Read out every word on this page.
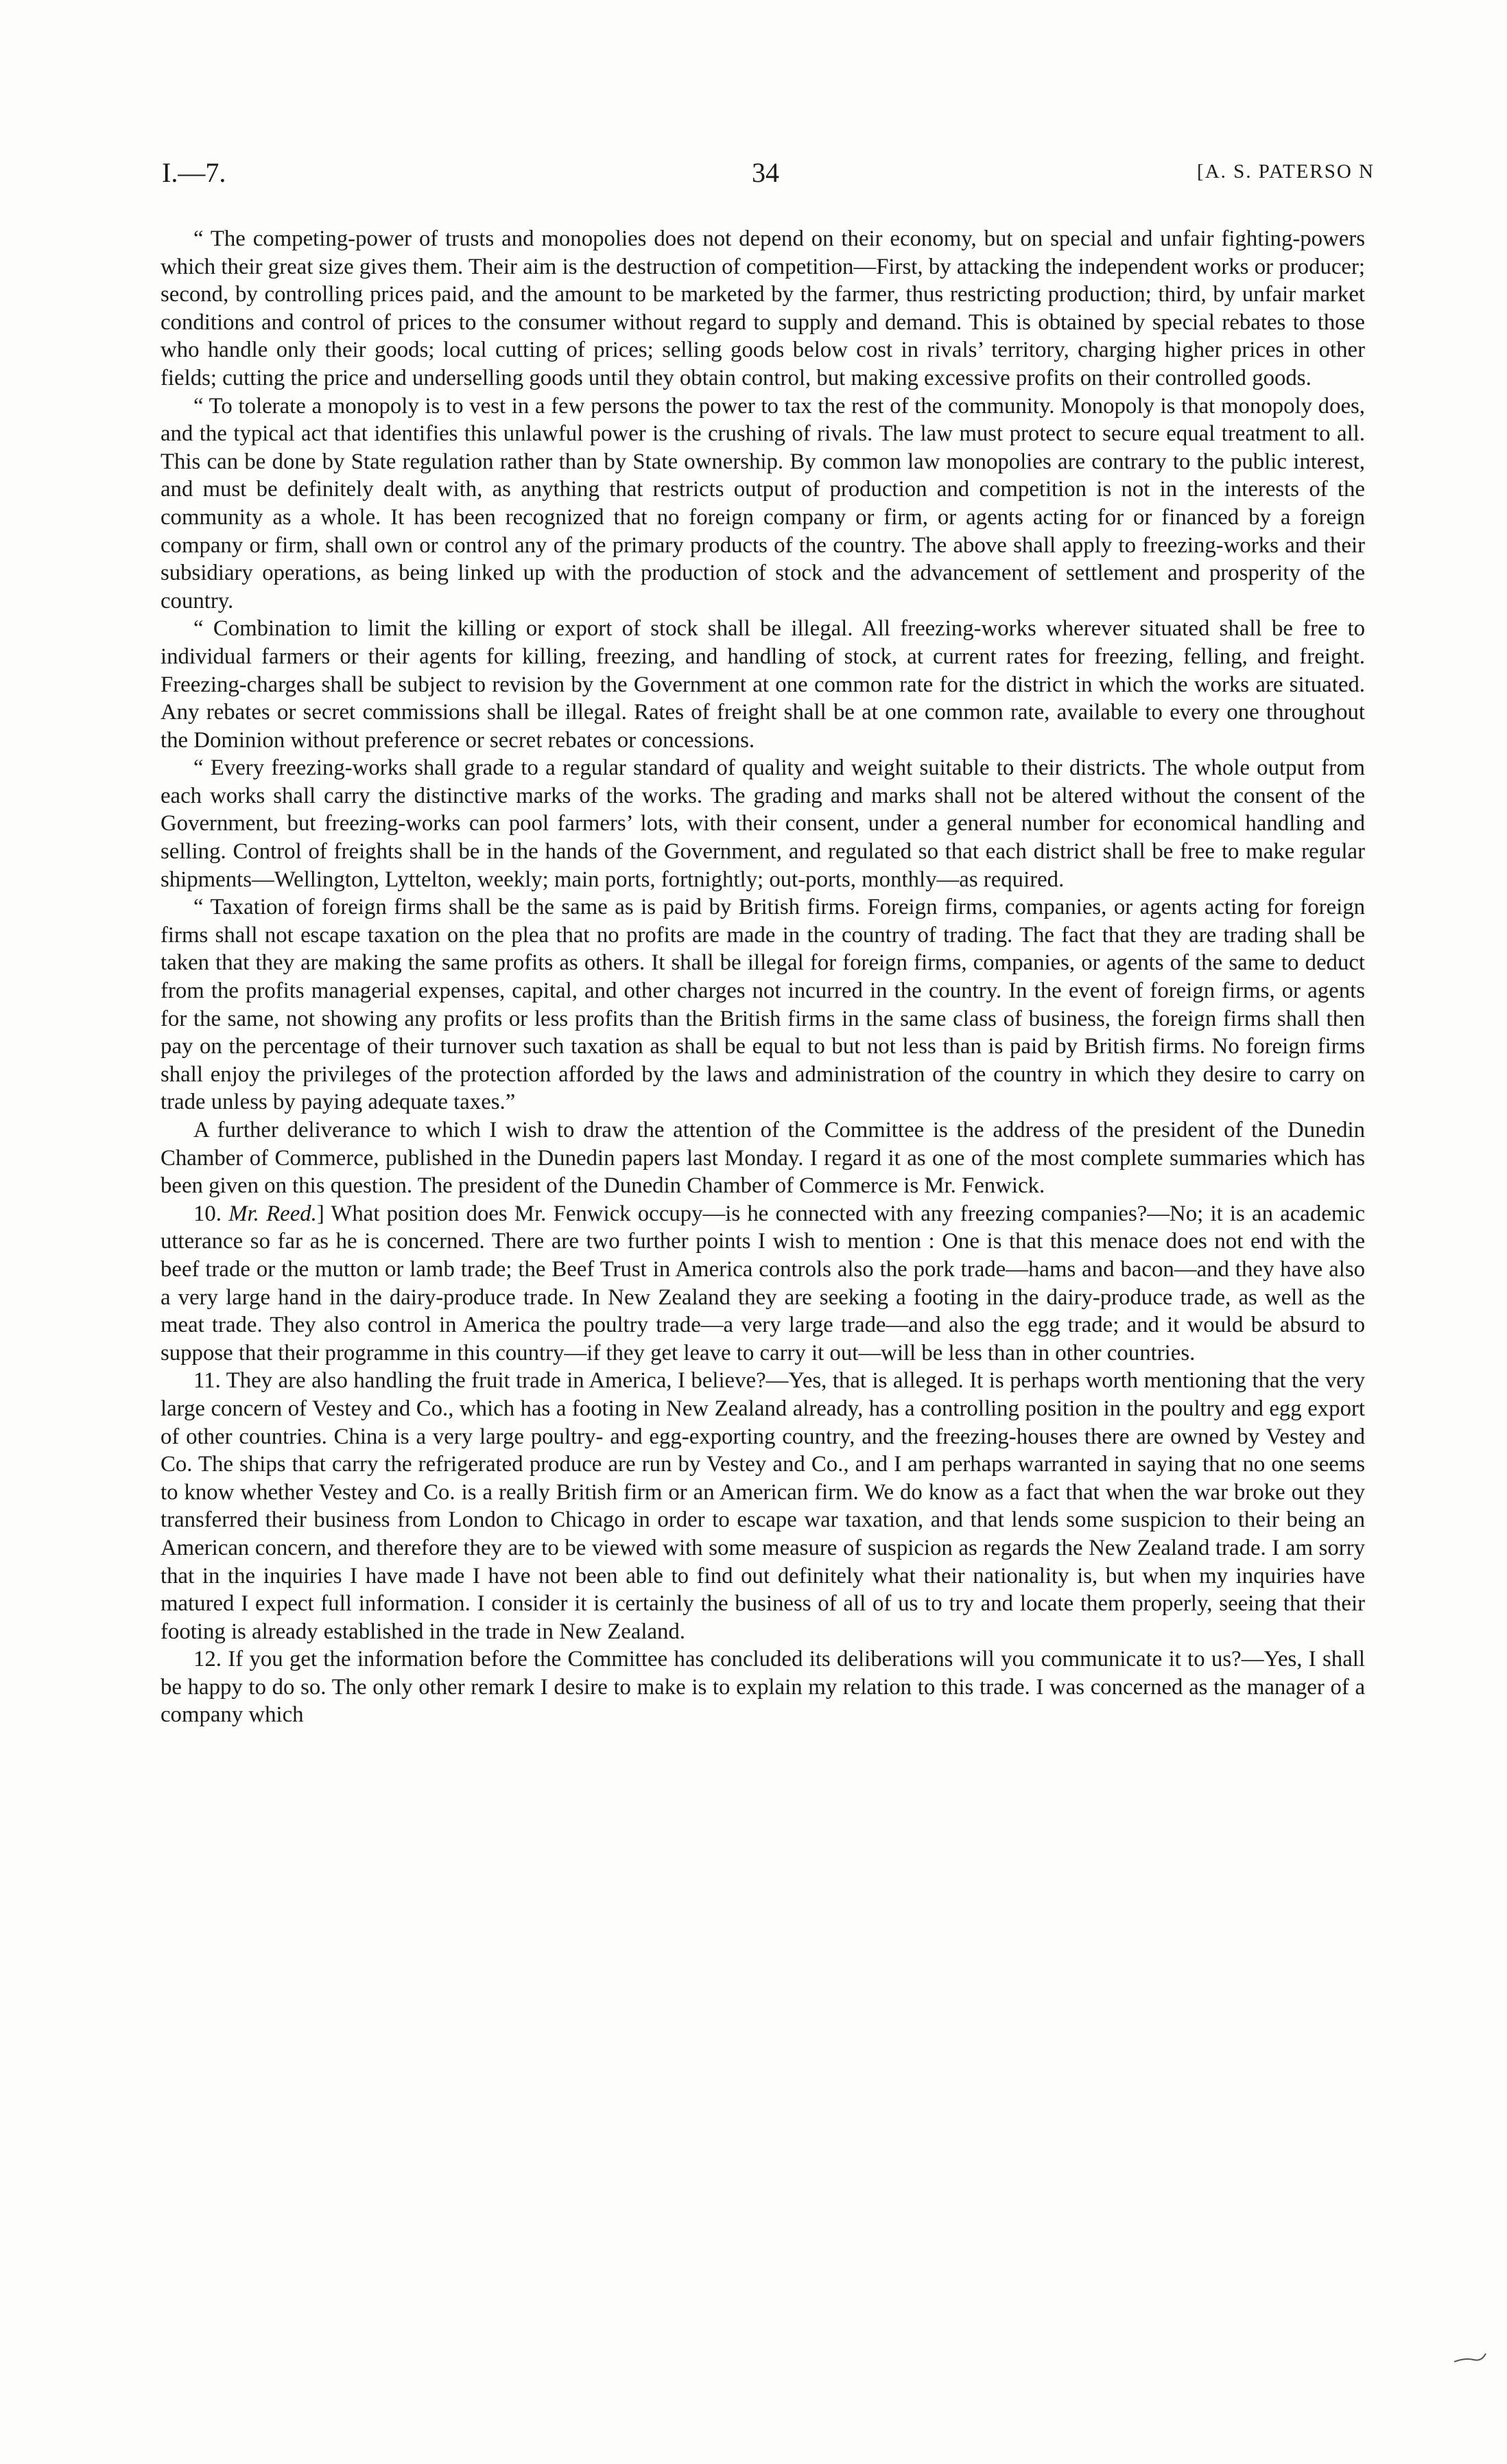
I.—7.	34	[A. S. PATERSO N

“ The competing-power of trusts and monopolies does not depend on their economy, but on special and unfair fighting-powers which their great size gives them. Their aim is the destruction of competition—First, by attacking the independent works or producer; second, by controlling prices paid, and the amount to be marketed by the farmer, thus restricting production; third, by unfair market conditions and control of prices to the consumer without regard to supply and demand. This is obtained by special rebates to those who handle only their goods; local cutting of prices; selling goods below cost in rivals’ territory, charging higher prices in other fields; cutting the price and underselling goods until they obtain control, but making excessive profits on their controlled goods.

“ To tolerate a monopoly is to vest in a few persons the power to tax the rest of the community. Monopoly is that monopoly does, and the typical act that identifies this unlawful power is the crushing of rivals. The law must protect to secure equal treatment to all. This can be done by State regulation rather than by State ownership. By common law monopolies are contrary to the public interest, and must be definitely dealt with, as anything that restricts output of production and competition is not in the interests of the community as a whole. It has been recognized that no foreign company or firm, or agents acting for or financed by a foreign company or firm, shall own or control any of the primary products of the country. The above shall apply to freezing-works and their subsidiary operations, as being linked up with the production of stock and the advancement of settlement and prosperity of the country.

“ Combination to limit the killing or export of stock shall be illegal. All freezing-works wherever situated shall be free to individual farmers or their agents for killing, freezing, and handling of stock, at current rates for freezing, felling, and freight. Freezing-charges shall be subject to revision by the Government at one common rate for the district in which the works are situated. Any rebates or secret commissions shall be illegal. Rates of freight shall be at one common rate, available to every one throughout the Dominion without preference or secret rebates or concessions.

“ Every freezing-works shall grade to a regular standard of quality and weight suitable to their districts. The whole output from each works shall carry the distinctive marks of the works. The grading and marks shall not be altered without the consent of the Government, but freezing-works can pool farmers’ lots, with their consent, under a general number for economical handling and selling. Control of freights shall be in the hands of the Government, and regulated so that each district shall be free to make regular shipments—Wellington, Lyttelton, weekly; main ports, fortnightly; out-ports, monthly—as required.

“ Taxation of foreign firms shall be the same as is paid by British firms. Foreign firms, companies, or agents acting for foreign firms shall not escape taxation on the plea that no profits are made in the country of trading. The fact that they are trading shall be taken that they are making the same profits as others. It shall be illegal for foreign firms, companies, or agents of the same to deduct from the profits managerial expenses, capital, and other charges not incurred in the country. In the event of foreign firms, or agents for the same, not showing any profits or less profits than the British firms in the same class of business, the foreign firms shall then pay on the percentage of their turnover such taxation as shall be equal to but not less than is paid by British firms. No foreign firms shall enjoy the privileges of the protection afforded by the laws and administration of the country in which they desire to carry on trade unless by paying adequate taxes.”

A further deliverance to which I wish to draw the attention of the Committee is the address of the president of the Dunedin Chamber of Commerce, published in the Dunedin papers last Monday. I regard it as one of the most complete summaries which has been given on this question. The president of the Dunedin Chamber of Commerce is Mr. Fenwick.

10. Mr. Reed.] What position does Mr. Fenwick occupy—is he connected with any freezing companies?—No; it is an academic utterance so far as he is concerned. There are two further points I wish to mention : One is that this menace does not end with the beef trade or the mutton or lamb trade; the Beef Trust in America controls also the pork trade—hams and bacon—and they have also a very large hand in the dairy-produce trade. In New Zealand they are seeking a footing in the dairy-produce trade, as well as the meat trade. They also control in America the poultry trade—a very large trade—and also the egg trade; and it would be absurd to suppose that their programme in this country—if they get leave to carry it out—will be less than in other countries.

11. They are also handling the fruit trade in America, I believe?—Yes, that is alleged. It is perhaps worth mentioning that the very large concern of Vestey and Co., which has a footing in New Zealand already, has a controlling position in the poultry and egg export of other countries. China is a very large poultry- and egg-exporting country, and the freezing-houses there are owned by Vestey and Co. The ships that carry the refrigerated produce are run by Vestey and Co., and I am perhaps warranted in saying that no one seems to know whether Vestey and Co. is a really British firm or an American firm. We do know as a fact that when the war broke out they transferred their business from London to Chicago in order to escape war taxation, and that lends some suspicion to their being an American concern, and therefore they are to be viewed with some measure of suspicion as regards the New Zealand trade. I am sorry that in the inquiries I have made I have not been able to find out definitely what their nationality is, but when my inquiries have matured I expect full information. I consider it is certainly the business of all of us to try and locate them properly, seeing that their footing is already established in the trade in New Zealand.

12. If you get the information before the Committee has concluded its deliberations will you communicate it to us?—Yes, I shall be happy to do so. The only other remark I desire to make is to explain my relation to this trade. I was concerned as the manager of a company which
